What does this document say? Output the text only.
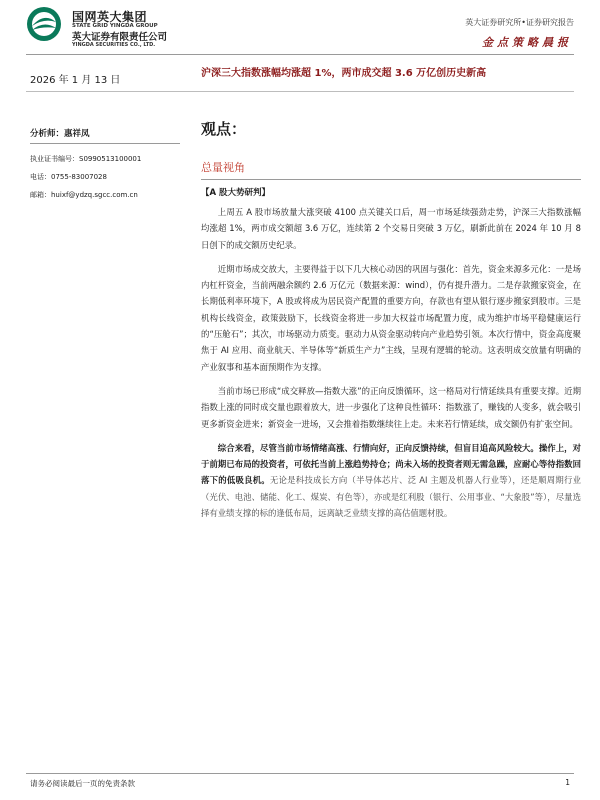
国网英大集团
STATE GRID YINGDA GROUP
英大证券有限责任公司
YINGDA SECURITIES CO., LTD.
英大证券研究所•证券研究报告
金点策略晨报
2026 年 1 月 13 日
沪深三大指数涨幅均涨超 1%，两市成交超 3.6 万亿创历史新高
分析师：惠祥凤
执业证书编号：S0990513100001
电话：0755-83007028
邮箱：huixf@ydzq.sgcc.com.cn
观点：
总量视角
【A 股大势研判】

上周五 A 股市场放量大涨突破 4100 点关键关口后，周一市场延续强劲走势，沪深三大指数涨幅均涨超 1%，两市成交额超 3.6 万亿，连续第 2 个交易日突破 3 万亿，刷新此前在 2024 年 10 月 8 日创下的成交额历史纪录。

近期市场成交放大，主要得益于以下几大核心动因的巩固与强化：首先，资金来源多元化：一是场内杠杆资金，当前两融余额约 2.6 万亿元（数据来源：wind），仍有提升潜力。二是存款搬家资金，在长期低利率环境下，A 股或将成为居民资产配置的重要方向，存款也有望从银行逐步搬家到股市。三是机构长线资金，政策鼓励下，长线资金将进一步加大权益市场配置力度，成为维护市场平稳健康运行的“压舱石”；其次，市场驱动力质变。驱动力从资金驱动转向产业趋势引领。本次行情中，资金高度聚焦于 AI 应用、商业航天、半导体等“新质生产力”主线，呈现有逻辑的轮动。这表明成交放量有明确的产业叙事和基本面预期作为支撑。

当前市场已形成“成交释放—指数大涨”的正向反馈循环，这一格局对行情延续具有重要支撑。近期指数上涨的同时成交量也跟着放大，进一步强化了这种良性循环：指数涨了，赚钱的人变多，就会吸引更多新资金进来；新资金一进场，又会推着指数继续往上走。未来若行情延续，成交额仍有扩张空间。

综合来看，尽管当前市场情绪高涨、行情向好，正向反馈持续，但盲目追高风险较大。操作上，对于前期已布局的投资者，可依托当前上涨趋势持仓；尚未入场的投资者则无需急躁，应耐心等待指数回落下的低吸良机。无论是科技成长方向（半导体芯片、泛 AI 主题及机器人行业等），还是顺周期行业（光伏、电池、储能、化工、煤炭、有色等），亦或是红利股（银行、公用事业、“大象股”等），尽量选择有业绩支撑的标的逢低布局，远离缺乏业绩支撑的高估值题材股。

请务必阅读最后一页的免责条款	1
